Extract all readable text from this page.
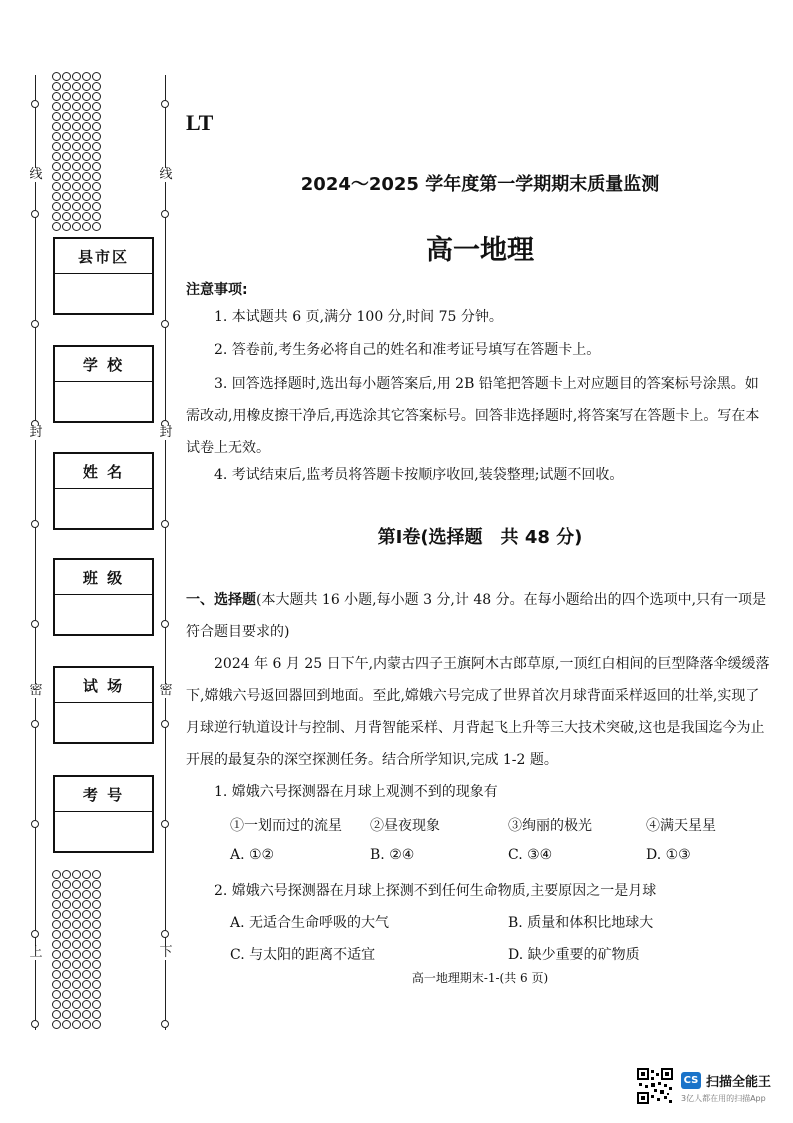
线
封
密
上
线
封
密
下
县市区
学 校
姓 名
班 级
试 场
考 号
LT
2024～2025 学年度第一学期期末质量监测
高一地理
注意事项:
1. 本试题共 6 页,满分 100 分,时间 75 分钟。
2. 答卷前,考生务必将自己的姓名和准考证号填写在答题卡上。
3. 回答选择题时,选出每小题答案后,用 2B 铅笔把答题卡上对应题目的答案标号涂黑。如需改动,用橡皮擦干净后,再选涂其它答案标号。回答非选择题时,将答案写在答题卡上。写在本试卷上无效。
4. 考试结束后,监考员将答题卡按顺序收回,装袋整理;试题不回收。
第Ⅰ卷(选择题　共 48 分)
一、选择题(本大题共 16 小题,每小题 3 分,计 48 分。在每小题给出的四个选项中,只有一项是符合题目要求的)
2024 年 6 月 25 日下午,内蒙古四子王旗阿木古郎草原,一顶红白相间的巨型降落伞缓缓落下,嫦娥六号返回器回到地面。至此,嫦娥六号完成了世界首次月球背面采样返回的壮举,实现了月球逆行轨道设计与控制、月背智能采样、月背起飞上升等三大技术突破,这也是我国迄今为止开展的最复杂的深空探测任务。结合所学知识,完成 1-2 题。
1. 嫦娥六号探测器在月球上观测不到的现象有
①一划而过的流星 ②昼夜现象	③绚丽的极光	④满天星星
A. ①②	B. ②④	C. ③④	D. ①③
2. 嫦娥六号探测器在月球上探测不到任何生命物质,主要原因之一是月球
A. 无适合生命呼吸的大气	B. 质量和体积比地球大
C. 与太阳的距离不适宜	D. 缺少重要的矿物质
高一地理期末-1-(共 6 页)
CS 扫描全能王
3亿人都在用的扫描App
